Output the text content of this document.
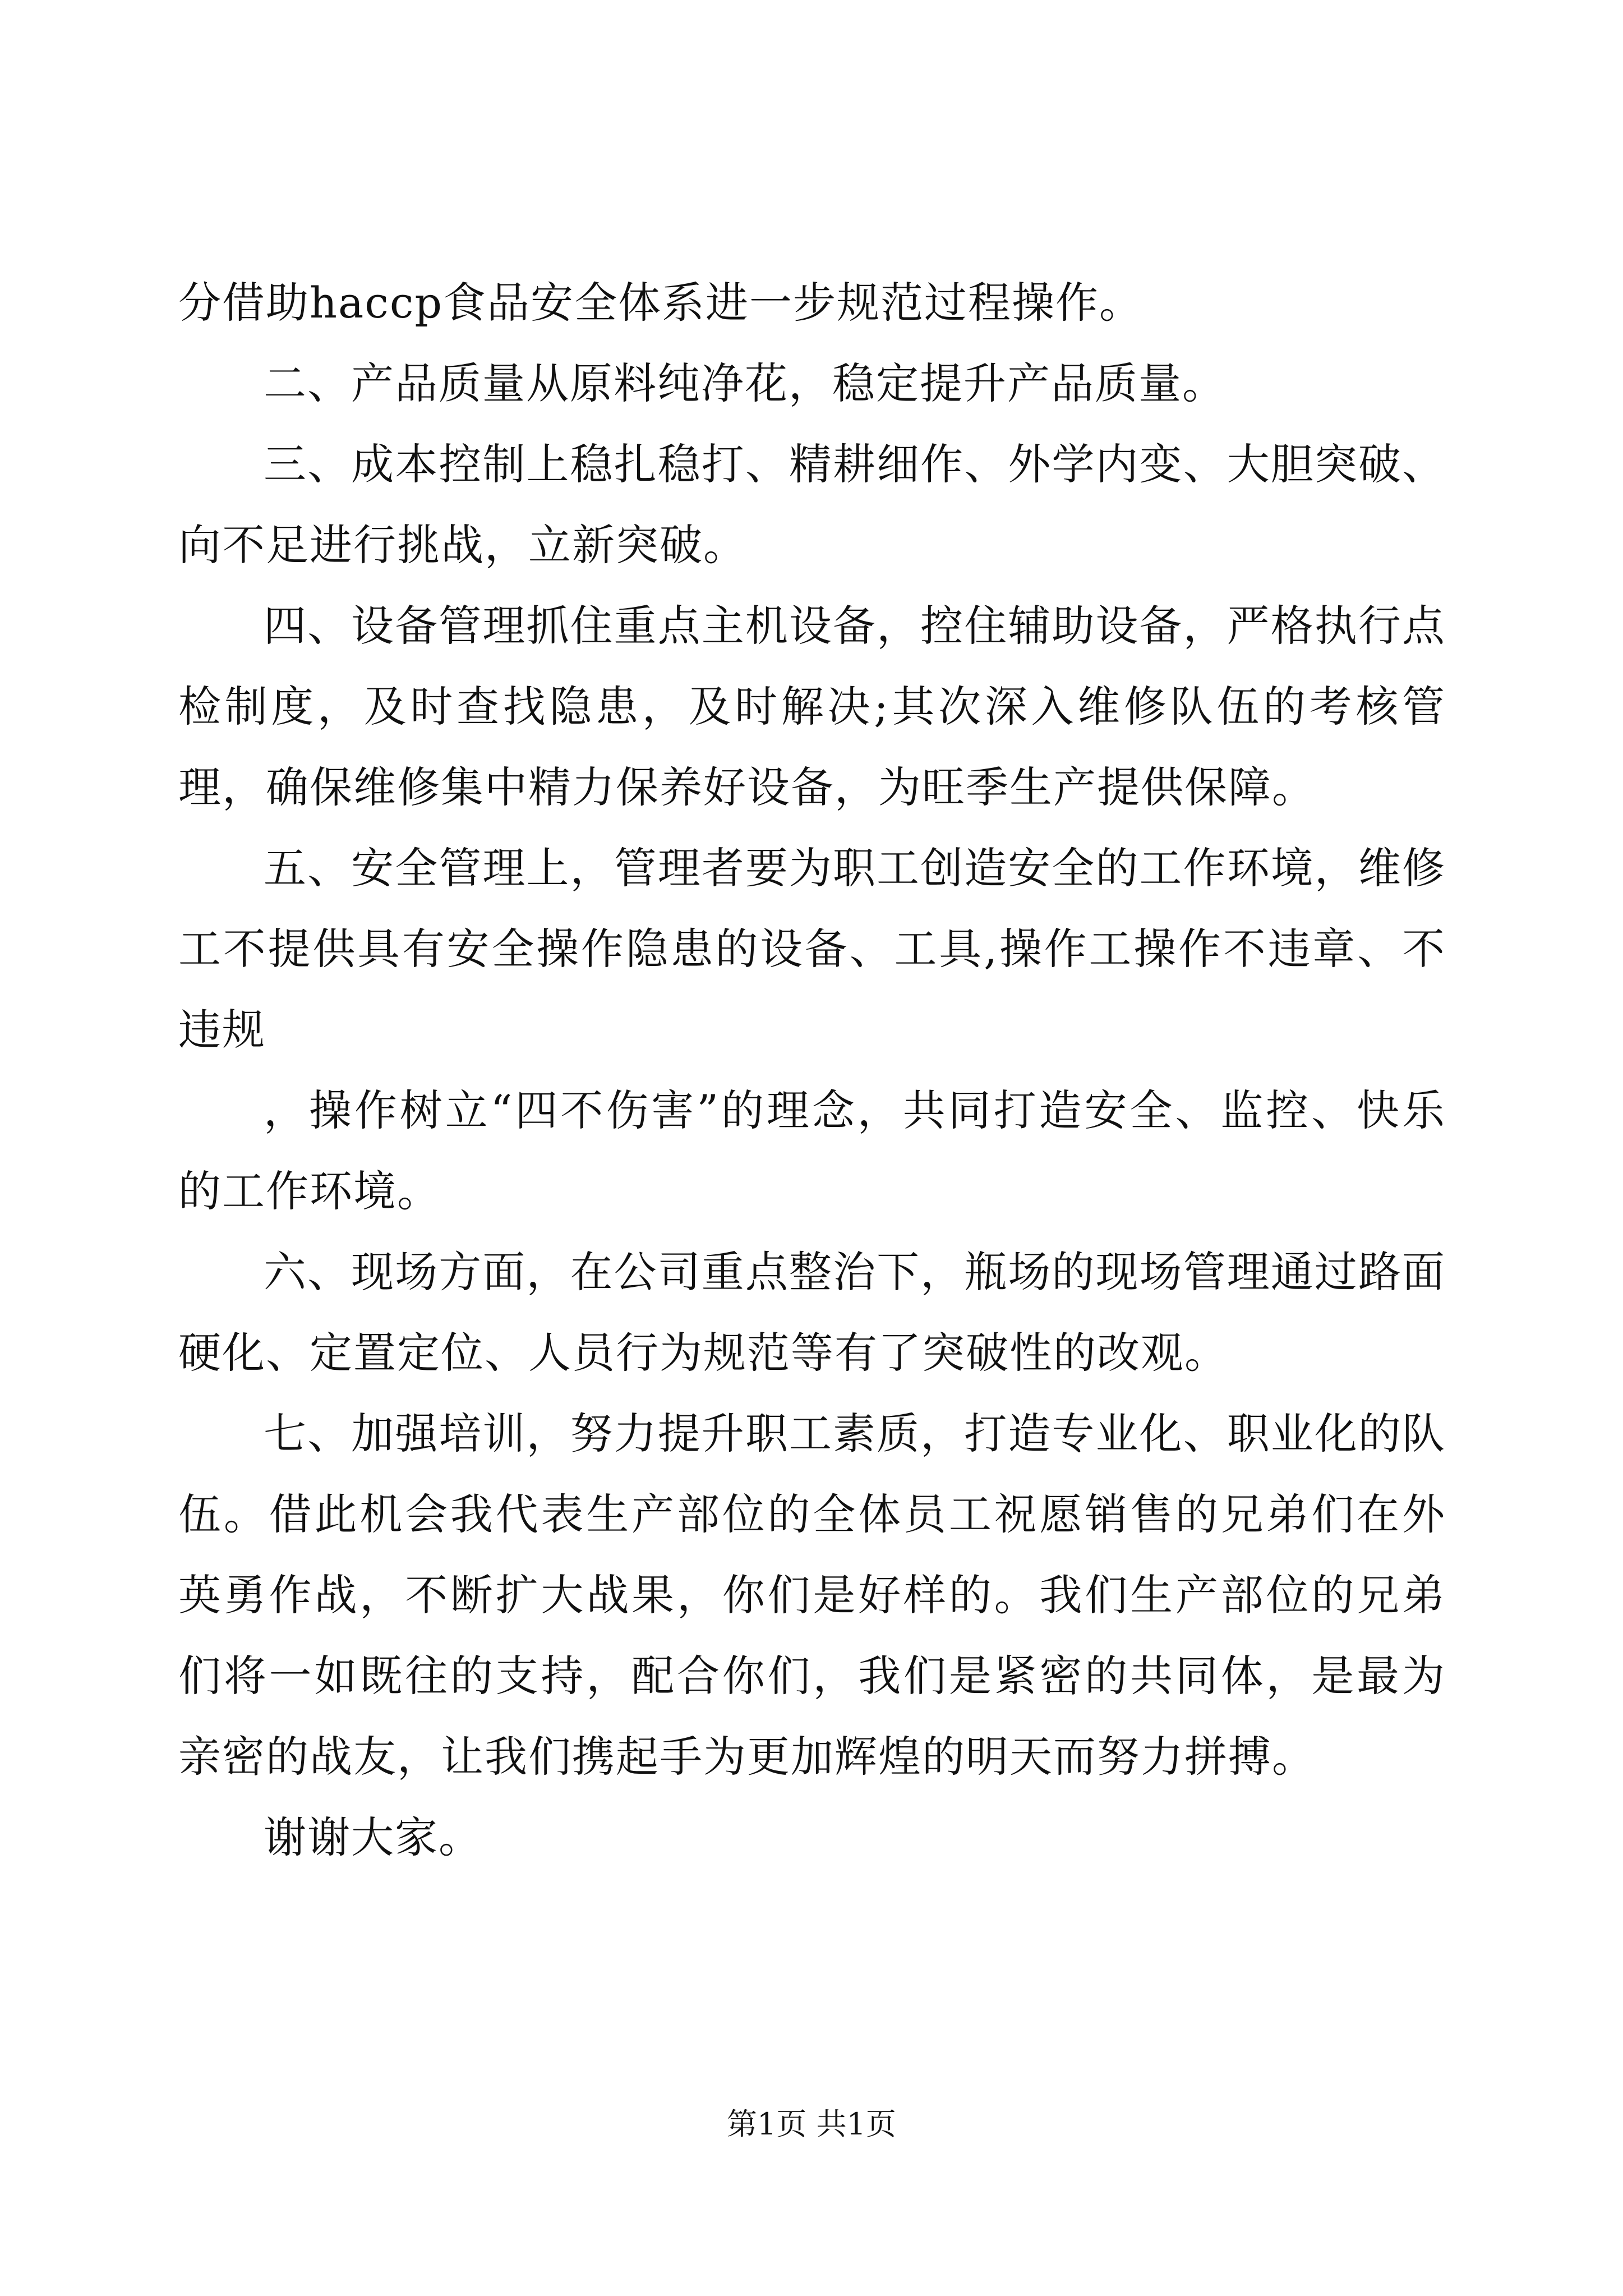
分借助haccp食品安全体系进一步规范过程操作。

二、产品质量从原料纯净花，稳定提升产品质量。

三、成本控制上稳扎稳打、精耕细作、外学内变、大胆突破、向不足进行挑战，立新突破。

四、设备管理抓住重点主机设备，控住辅助设备，严格执行点检制度，及时查找隐患，及时解决;其次深入维修队伍的考核管理，确保维修集中精力保养好设备，为旺季生产提供保障。

五、安全管理上，管理者要为职工创造安全的工作环境，维修工不提供具有安全操作隐患的设备、工具,操作工操作不违章、不违规

，操作树立“四不伤害”的理念，共同打造安全、监控、快乐的工作环境。

六、现场方面，在公司重点整治下，瓶场的现场管理通过路面硬化、定置定位、人员行为规范等有了突破性的改观。

七、加强培训，努力提升职工素质，打造专业化、职业化的队伍。借此机会我代表生产部位的全体员工祝愿销售的兄弟们在外英勇作战，不断扩大战果，你们是好样的。我们生产部位的兄弟们将一如既往的支持，配合你们，我们是紧密的共同体，是最为亲密的战友，让我们携起手为更加辉煌的明天而努力拼搏。

谢谢大家。

第1页 共1页
